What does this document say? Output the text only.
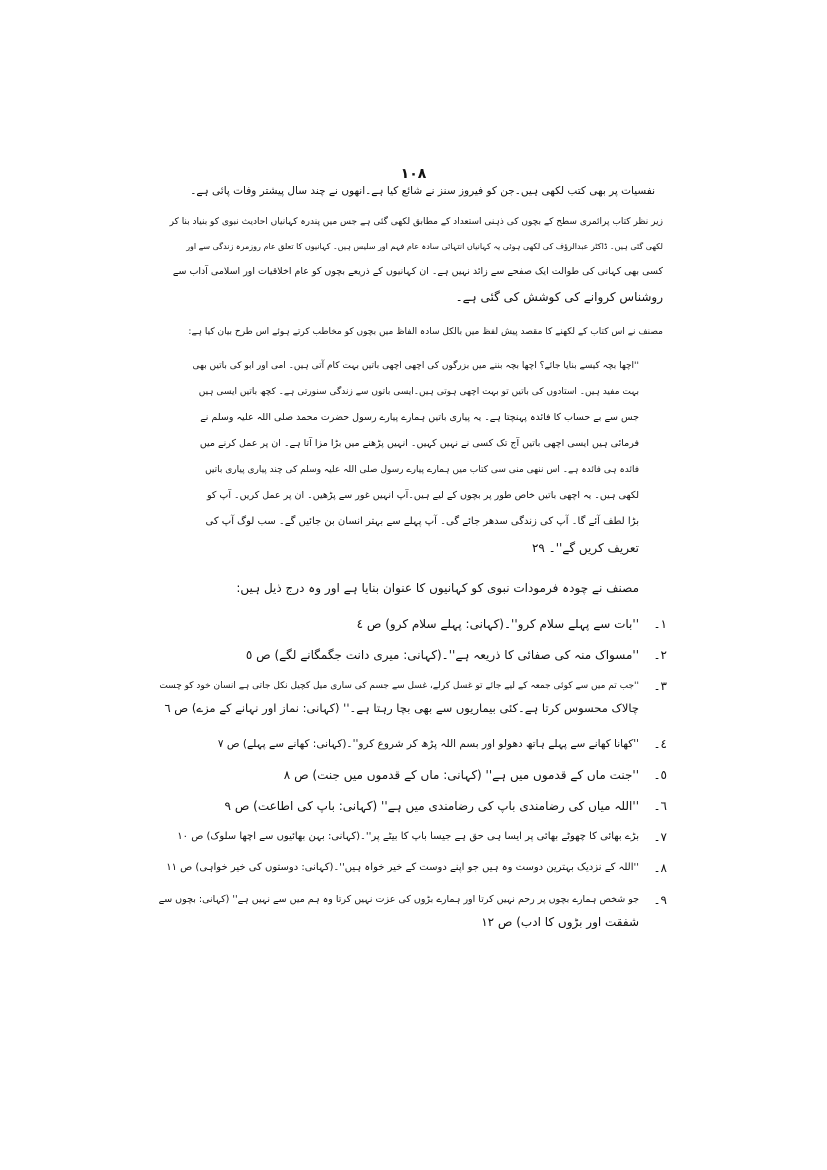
١٠٨
نفسیات پر بھی کتب لکھی ہیں۔جن کو فیروز سنز نے شائع کیا ہے۔انھوں نے چند سال پیشتر وفات پائی ہے۔
زیر نظر کتاب پرائمری سطح کے بچوں کی ذہنی استعداد کے مطابق لکھی گئی ہے جس میں پندرہ کہانیاں احادیث نبوی کو بنیاد بنا کر
لکھی گئی ہیں۔ ڈاکٹر عبدالرؤف کی لکھی ہوئی یہ کہانیاں انتہائی سادہ عام فہم اور سلیس ہیں۔ کہانیوں کا تعلق عام روزمرہ زندگی سے اور
کسی بھی کہانی کی طوالت ایک صفحے سے زائد نہیں ہے۔ ان کہانیوں کے ذریعے بچوں کو عام اخلاقیات اور اسلامی آداب سے
روشناس کروانے کی کوشش کی گئی ہے۔
مصنف نے اس کتاب کے لکھنے کا مقصد پیش لفظ میں بالکل سادہ الفاظ میں بچوں کو مخاطب کرتے ہوئے اس طرح بیان کیا ہے:
''اچھا بچہ کیسے بنایا جائے؟ اچھا بچہ بننے میں بزرگوں کی اچھی اچھی باتیں بہت کام آتی ہیں۔ امی اور ابو کی باتیں بھی
بہت مفید ہیں۔ استادوں کی باتیں تو بہت اچھی ہوتی ہیں۔ایسی باتوں سے زندگی سنورتی ہے۔ کچھ باتیں ایسی ہیں
جس سے بے حساب کا فائدہ پہنچتا ہے۔ یہ پیاری باتیں ہمارے پیارے رسول حضرت محمد صلی اللہ علیہ وسلم نے
فرمائی ہیں ایسی اچھی باتیں آج تک کسی نے نہیں کہیں۔ انہیں پڑھنے میں بڑا مزا آتا ہے۔ ان پر عمل کرنے میں
فائدہ ہی فائدہ ہے۔ اس ننھی منی سی کتاب میں ہمارے پیارے رسول صلی اللہ علیہ وسلم کی چند پیاری پیاری باتیں
لکھی ہیں۔ یہ اچھی باتیں خاص طور پر بچوں کے لیے ہیں۔آپ انہیں غور سے پڑھیں۔ ان پر عمل کریں۔ آپ کو
بڑا لطف آئے گا۔ آپ کی زندگی سدھر جائے گی۔ آپ پہلے سے بہتر انسان بن جائیں گے۔ سب لوگ آپ کی
تعریف کریں گے''۔ ٢٩
مصنف نے چودہ فرمودات نبوی کو کہانیوں کا عنوان بنایا ہے اور وہ درج ذیل ہیں:
١۔
''بات سے پہلے سلام کرو''۔(کہانی: پہلے سلام کرو) ص ٤
٢۔
''مسواک منہ کی صفائی کا ذریعہ ہے''۔(کہانی: میری دانت جگمگانے لگے) ص ٥
٣۔
''جب تم میں سے کوئی جمعہ کے لیے جائے تو غسل کرلے، غسل سے جسم کی ساری میل کچیل نکل جاتی ہے انسان خود کو چست
چالاک محسوس کرتا ہے۔کئی بیماریوں سے بھی بچا رہتا ہے۔'' (کہانی: نماز اور نہانے کے مزے) ص ٦
٤۔
''کھانا کھانے سے پہلے ہاتھ دھولو اور بسم اللہ پڑھ کر شروع کرو''۔(کہانی: کھانے سے پہلے) ص ٧
٥۔
''جنت ماں کے قدموں میں ہے'' (کہانی: ماں کے قدموں میں جنت) ص ٨
٦۔
''اللہ میاں کی رضامندی باپ کی رضامندی میں ہے'' (کہانی: باپ کی اطاعت) ص ٩
٧۔
بڑے بھائی کا چھوٹے بھائی پر ایسا ہی حق ہے جیسا باپ کا بیٹے پر''۔(کہانی: بہن بھائیوں سے اچھا سلوک) ص ١٠
٨۔
''اللہ کے نزدیک بہترین دوست وہ ہیں جو اپنے دوست کے خیر خواہ ہیں''۔(کہانی: دوستوں کی خیر خواہی) ص ١١
٩۔
جو شخص ہمارے بچوں پر رحم نہیں کرتا اور ہمارے بڑوں کی عزت نہیں کرتا وہ ہم میں سے نہیں ہے'' (کہانی: بچوں سے
شفقت اور بڑوں کا ادب) ص ١٢
